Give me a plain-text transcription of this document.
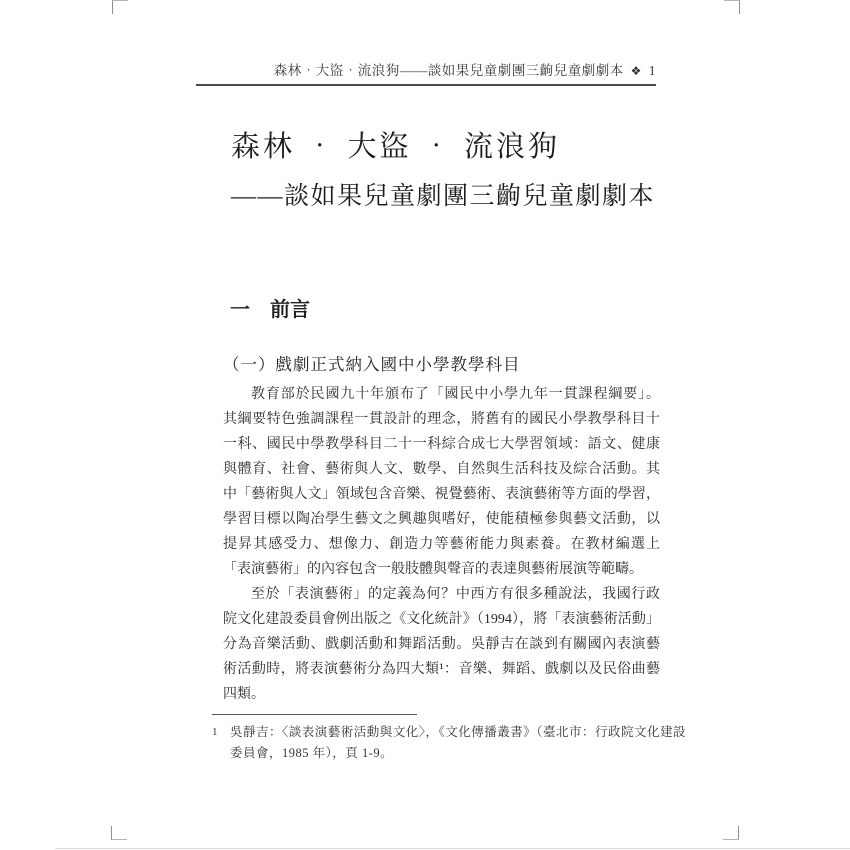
森林‧大盜‧流浪狗——談如果兒童劇團三齣兒童劇劇本 ❖ 1
森林 ‧ 大盜 ‧ 流浪狗
——談如果兒童劇團三齣兒童劇劇本
一 前言
（一）戲劇正式納入國中小學教學科目
教育部於民國九十年頒布了「國民中小學九年一貫課程綱要」。
其綱要特色強調課程一貫設計的理念，將舊有的國民小學教學科目十
一科、國民中學教學科目二十一科綜合成七大學習領域：語文、健康
與體育、社會、藝術與人文、數學、自然與生活科技及綜合活動。其
中「藝術與人文」領域包含音樂、視覺藝術、表演藝術等方面的學習，
學習目標以陶冶學生藝文之興趣與嗜好，使能積極參與藝文活動，以
提昇其感受力、想像力、創造力等藝術能力與素養。在教材編選上
「表演藝術」的內容包含一般肢體與聲音的表達與藝術展演等範疇。
至於「表演藝術」的定義為何？中西方有很多種說法，我國行政
院文化建設委員會例出版之《文化統計》（1994），將「表演藝術活動」
分為音樂活動、戲劇活動和舞蹈活動。吳靜吉在談到有關國內表演藝
術活動時，將表演藝術分為四大類¹：音樂、舞蹈、戲劇以及民俗曲藝
四類。
1	吳靜吉：〈談表演藝術活動與文化〉，《文化傳播叢書》（臺北市：行政院文化建設
委員會，1985 年），頁 1-9。
